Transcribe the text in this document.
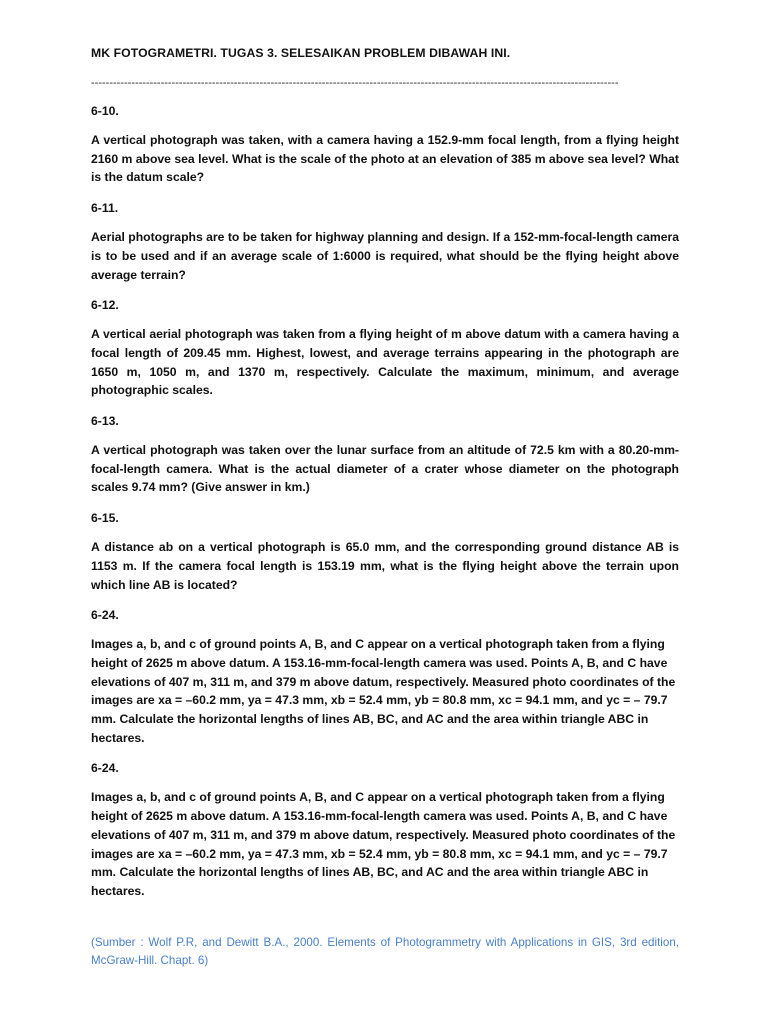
MK FOTOGRAMETRI. TUGAS 3. SELESAIKAN PROBLEM DIBAWAH INI.

------------------------------------------------------------------------------------------------------------------------------------------------

6-10.

A vertical photograph was taken, with a camera having a 152.9-mm focal length, from a flying height 2160 m above sea level. What is the scale of the photo at an elevation of 385 m above sea level? What is the datum scale?

6-11.

Aerial photographs are to be taken for highway planning and design. If a 152-mm-focal-length camera is to be used and if an average scale of 1:6000 is required, what should be the flying height above average terrain?

6-12.

A vertical aerial photograph was taken from a flying height of m above datum with a camera having a focal length of 209.45 mm. Highest, lowest, and average terrains appearing in the photograph are 1650 m, 1050 m, and 1370 m, respectively. Calculate the maximum, minimum, and average photographic scales.

6-13.

A vertical photograph was taken over the lunar surface from an altitude of 72.5 km with a 80.20-mm-focal-length camera. What is the actual diameter of a crater whose diameter on the photograph scales 9.74 mm? (Give answer in km.)

6-15.

A distance ab on a vertical photograph is 65.0 mm, and the corresponding ground distance AB is 1153 m. If the camera focal length is 153.19 mm, what is the flying height above the terrain upon which line AB is located?

6-24.

Images a, b, and c of ground points A, B, and C appear on a vertical photograph taken from a flying height of 2625 m above datum. A 153.16-mm-focal-length camera was used. Points A, B, and C have elevations of 407 m, 311 m, and 379 m above datum, respectively. Measured photo coordinates of the images are xa = –60.2 mm, ya = 47.3 mm, xb = 52.4 mm, yb = 80.8 mm, xc = 94.1 mm, and yc = – 79.7 mm. Calculate the horizontal lengths of lines AB, BC, and AC and the area within triangle ABC in hectares.

6-24.

Images a, b, and c of ground points A, B, and C appear on a vertical photograph taken from a flying height of 2625 m above datum. A 153.16-mm-focal-length camera was used. Points A, B, and C have elevations of 407 m, 311 m, and 379 m above datum, respectively. Measured photo coordinates of the images are xa = –60.2 mm, ya = 47.3 mm, xb = 52.4 mm, yb = 80.8 mm, xc = 94.1 mm, and yc = – 79.7 mm. Calculate the horizontal lengths of lines AB, BC, and AC and the area within triangle ABC in hectares.

(Sumber : Wolf P.R, and Dewitt B.A., 2000. Elements of Photogrammetry with Applications in GIS, 3rd edition, McGraw-Hill. Chapt. 6)
